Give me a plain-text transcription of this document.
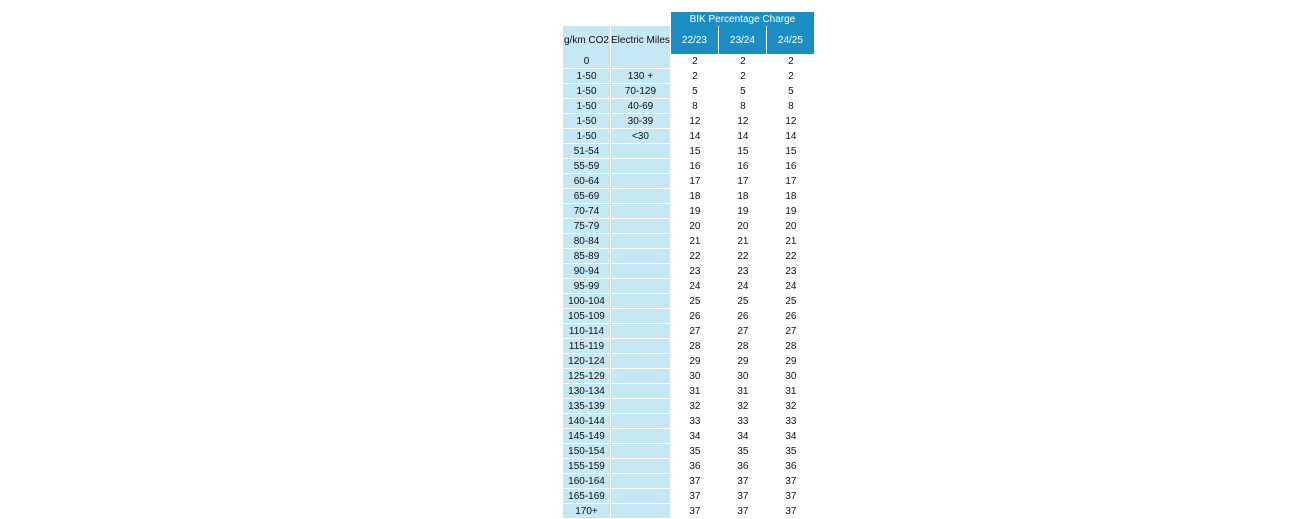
		BIK Percentage Charge		
g/km CO2	Electric Miles	22/23	23/24	24/25
0		2	2	2
1-50	130 +	2	2	2
1-50	70-129	5	5	5
1-50	40-69	8	8	8
1-50	30-39	12	12	12
1-50	<30	14	14	14
51-54		15	15	15
55-59		16	16	16
60-64		17	17	17
65-69		18	18	18
70-74		19	19	19
75-79		20	20	20
80-84		21	21	21
85-89		22	22	22
90-94		23	23	23
95-99		24	24	24
100-104		25	25	25
105-109		26	26	26
110-114		27	27	27
115-119		28	28	28
120-124		29	29	29
125-129		30	30	30
130-134		31	31	31
135-139		32	32	32
140-144		33	33	33
145-149		34	34	34
150-154		35	35	35
155-159		36	36	36
160-164		37	37	37
165-169		37	37	37
170+		37	37	37
